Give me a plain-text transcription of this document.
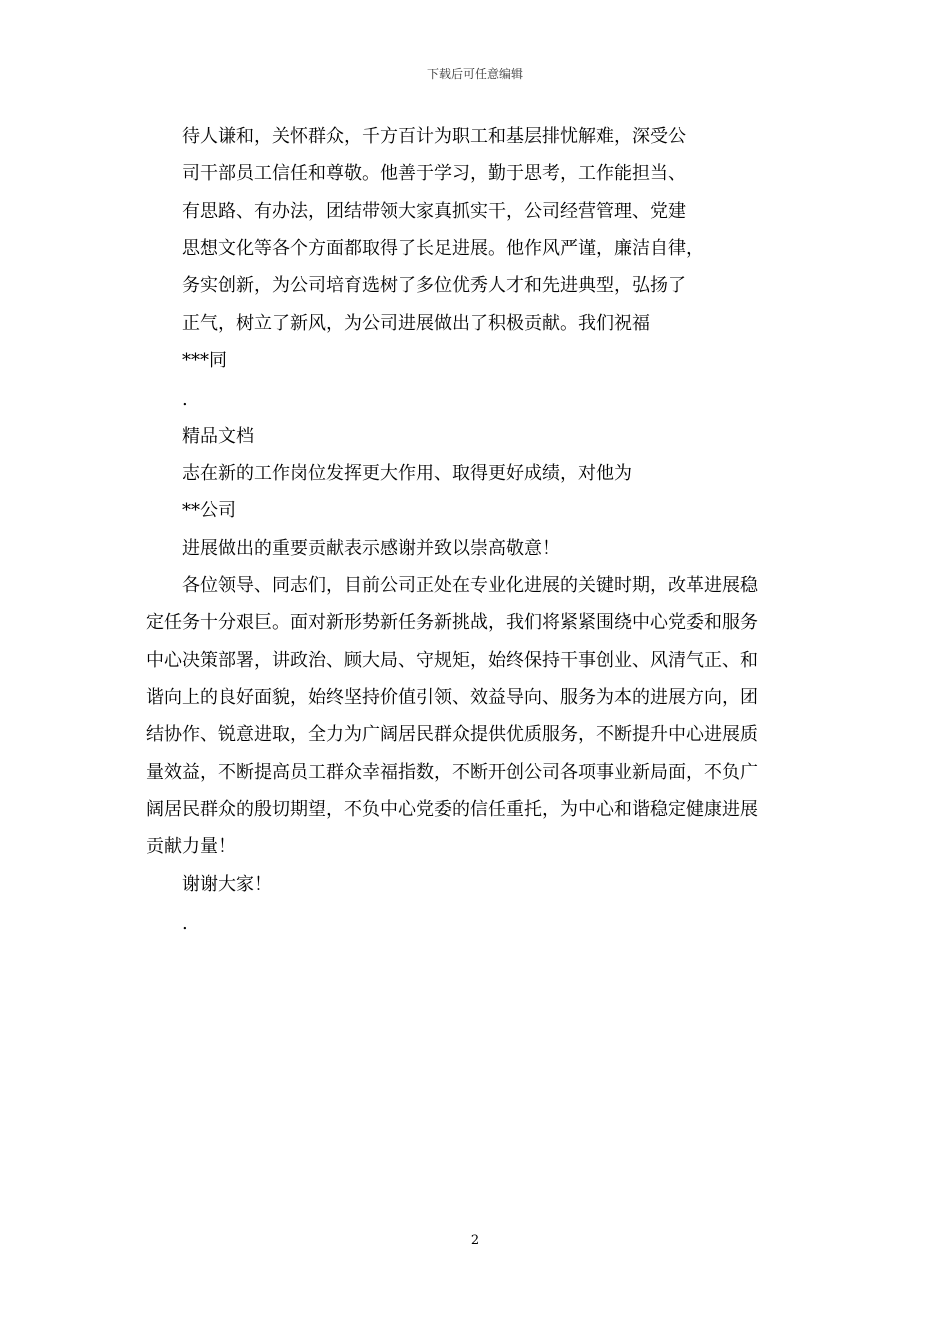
下载后可任意编辑
待人谦和，关怀群众，千方百计为职工和基层排忧解难，深受公
司干部员工信任和尊敬。他善于学习，勤于思考，工作能担当、
有思路、有办法，团结带领大家真抓实干，公司经营管理、党建
思想文化等各个方面都取得了长足进展。他作风严谨，廉洁自律，
务实创新，为公司培育选树了多位优秀人才和先进典型，弘扬了
正气，树立了新风，为公司进展做出了积极贡献。我们祝福
***同
.
精品文档
志在新的工作岗位发挥更大作用、取得更好成绩，对他为
**公司
进展做出的重要贡献表示感谢并致以崇高敬意！
各位领导、同志们，目前公司正处在专业化进展的关键时期，改革进展稳
定任务十分艰巨。面对新形势新任务新挑战，我们将紧紧围绕中心党委和服务
中心决策部署，讲政治、顾大局、守规矩，始终保持干事创业、风清气正、和
谐向上的良好面貌，始终坚持价值引领、效益导向、服务为本的进展方向，团
结协作、锐意进取，全力为广阔居民群众提供优质服务，不断提升中心进展质
量效益，不断提高员工群众幸福指数，不断开创公司各项事业新局面，不负广
阔居民群众的殷切期望，不负中心党委的信任重托，为中心和谐稳定健康进展
贡献力量！
谢谢大家！
.
2
